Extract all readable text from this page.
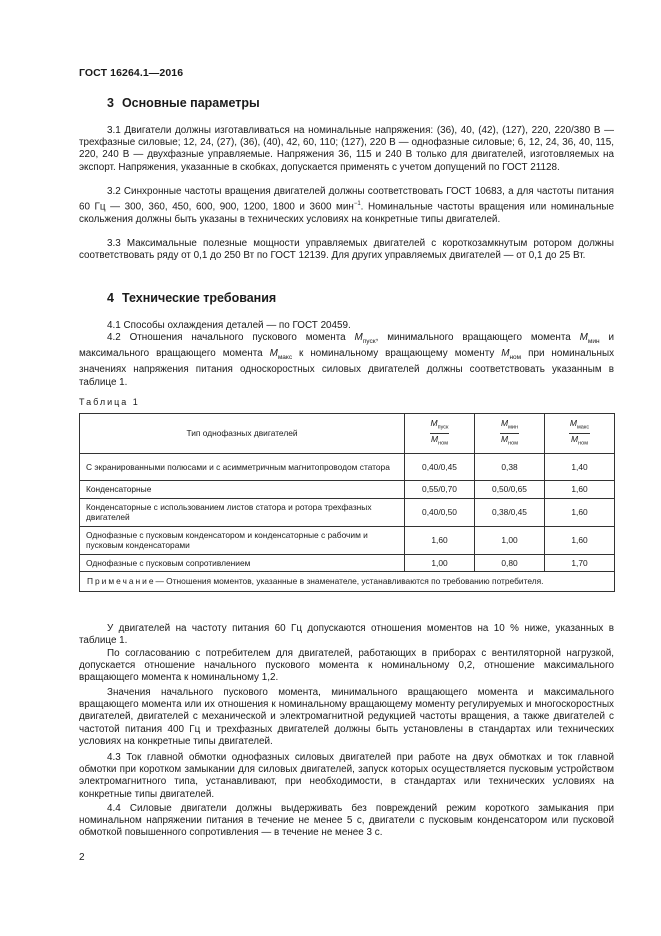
ГОСТ 16264.1—2016
3 Основные параметры

3.1 Двигатели должны изготавливаться на номинальные напряжения: (36), 40, (42), (127), 220, 220/380 В — трехфазные силовые; 12, 24, (27), (36), (40), 42, 60, 110; (127), 220 В — однофазные силовые; 6, 12, 24, 36, 40, 115, 220, 240 В — двухфазные управляемые. Напряжения 36, 115 и 240 В только для двигателей, изготовляемых на экспорт. Напряжения, указанные в скобках, допускается применять с учетом допущений по ГОСТ 21128.

3.2 Синхронные частоты вращения двигателей должны соответствовать ГОСТ 10683, а для частоты питания 60 Гц — 300, 360, 450, 600, 900, 1200, 1800 и 3600 мин$^{-1}$. Номинальные частоты вращения или номинальные скольжения должны быть указаны в технических условиях на конкретные типы двигателей.

3.3 Максимальные полезные мощности управляемых двигателей с короткозамкнутым ротором должны соответствовать ряду от 0,1 до 250 Вт по ГОСТ 12139. Для других управляемых двигателей — от 0,1 до 25 Вт.

4 Технические требования

4.1 Способы охлаждения деталей — по ГОСТ 20459.

4.2 Отношения начального пускового момента $M_{пуск}$, минимального вращающего момента $M_{мин}$ и максимального вращающего момента $M_{макс}$ к номинальному вращающему моменту $M_{ном}$ при номинальных значениях напряжения питания односкоростных силовых двигателей должны соответствовать указанным в таблице 1.

Таблица 1
Тип однофазных двигателей	$\frac{M_{пуск}}{M_{ном}}$	$\frac{M_{мин}}{M_{ном}}$	$\frac{M_{макс}}{M_{ном}}$

С экранированными полюсами и с асимметричным магнитопроводом статора	0,40/0,45	0,38	1,40
Конденсаторные	0,55/0,70	0,50/0,65	1,60
Конденсаторные с использованием листов статора и ротора трехфазных двигателей	0,40/0,50	0,38/0,45	1,60
Однофазные с пусковым конденсатором и конденсаторные с рабочим и пусковым конденсаторами	1,60	1,00	1,60
Однофазные с пусковым сопротивлением	1,00	0,80	1,70
Примечание— Отношения моментов, указанные в знаменателе, устанавливаются по требованию потребителя.			

У двигателей на частоту питания 60 Гц допускаются отношения моментов на 10 % ниже, указанных в таблице 1.

По согласованию с потребителем для двигателей, работающих в приборах с вентиляторной нагрузкой, допускается отношение начального пускового момента к номинальному 0,2, отношение максимального вращающего момента к номинальному 1,2.

Значения начального пускового момента, минимального вращающего момента и максимального вращающего момента или их отношения к номинальному вращающему моменту регулируемых и многоскоростных двигателей, двигателей с механической и электромагнитной редукцией частоты вращения, а также двигателей с частотой питания 400 Гц и трехфазных двигателей должны быть установлены в стандартах или технических условиях на конкретные типы двигателей.

4.3 Ток главной обмотки однофазных силовых двигателей при работе на двух обмотках и ток главной обмотки при коротком замыкании для силовых двигателей, запуск которых осуществляется пусковым устройством электромагнитного типа, устанавливают, при необходимости, в стандартах или технических условиях на конкретные типы двигателей.

4.4 Силовые двигатели должны выдерживать без повреждений режим короткого замыкания при номинальном напряжении питания в течение не менее 5 с, двигатели с пусковым конденсатором или пусковой обмоткой повышенного сопротивления — в течение не менее 3 с.

2
